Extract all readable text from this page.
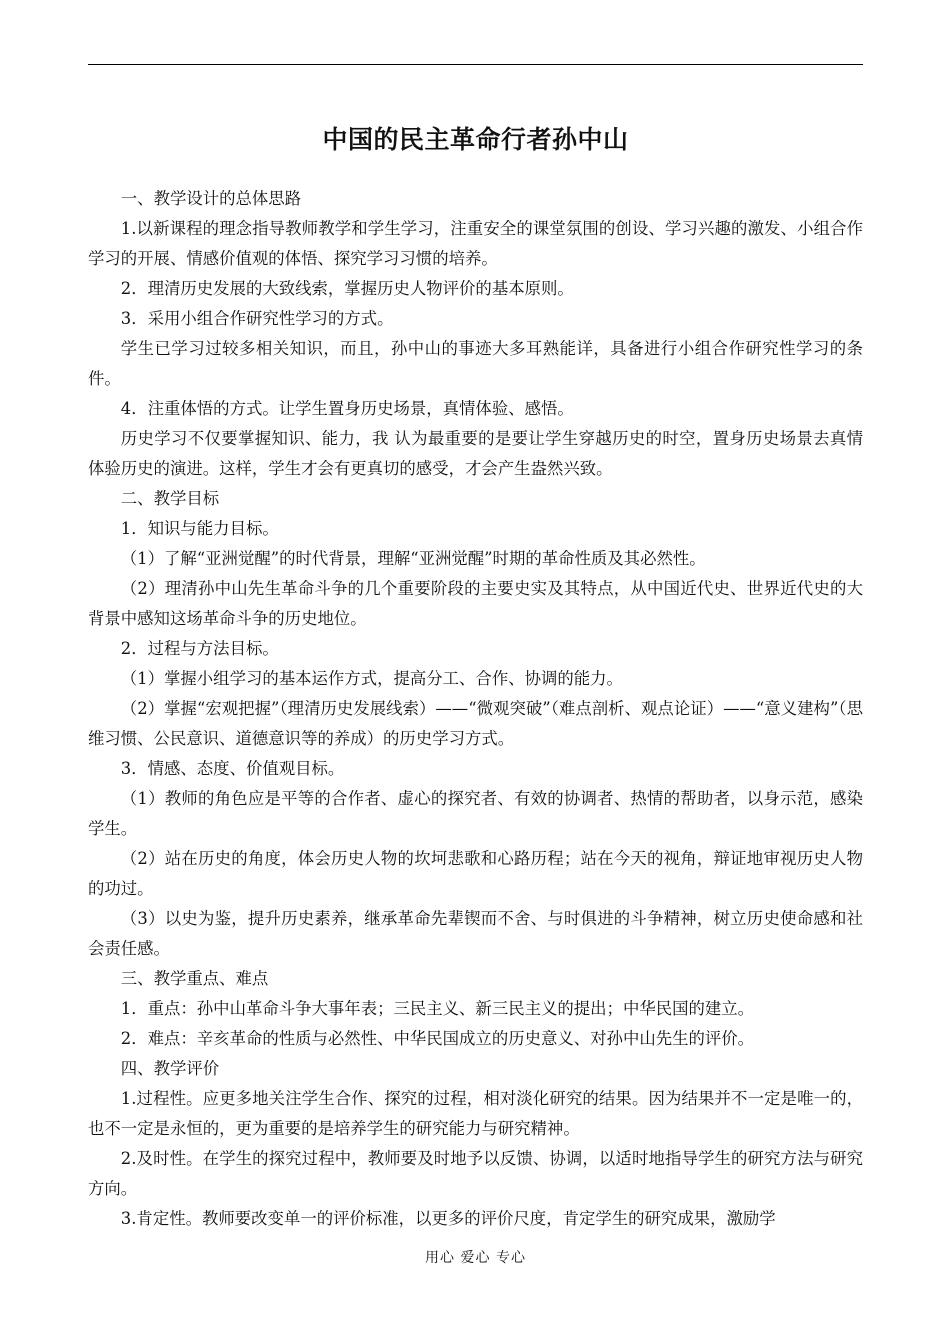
中国的民主革命行者孙中山

一、教学设计的总体思路

1.以新课程的理念指导教师教学和学生学习，注重安全的课堂氛围的创设、学习兴趣的激发、小组合作学习的开展、情感价值观的体悟、探究学习习惯的培养。

2．理清历史发展的大致线索，掌握历史人物评价的基本原则。

3．采用小组合作研究性学习的方式。

学生已学习过较多相关知识，而且，孙中山的事迹大多耳熟能详，具备进行小组合作研究性学习的条件。

4．注重体悟的方式。让学生置身历史场景，真情体验、感悟。

历史学习不仅要掌握知识、能力，我 认为最重要的是要让学生穿越历史的时空，置身历史场景去真情体验历史的演进。这样，学生才会有更真切的感受，才会产生盎然兴致。

二、教学目标

1．知识与能力目标。

（1）了解“亚洲觉醒”的时代背景，理解“亚洲觉醒”时期的革命性质及其必然性。

（2）理清孙中山先生革命斗争的几个重要阶段的主要史实及其特点，从中国近代史、世界近代史的大背景中感知这场革命斗争的历史地位。

2．过程与方法目标。

（1）掌握小组学习的基本运作方式，提高分工、合作、协调的能力。

（2）掌握“宏观把握”（理清历史发展线索）——“微观突破”（难点剖析、观点论证）——“意义建构”（思维习惯、公民意识、道德意识等的养成）的历史学习方式。

3．情感、态度、价值观目标。

（1）教师的角色应是平等的合作者、虚心的探究者、有效的协调者、热情的帮助者，以身示范，感染学生。

（2）站在历史的角度，体会历史人物的坎坷悲歌和心路历程；站在今天的视角，辩证地审视历史人物的功过。

（3）以史为鉴，提升历史素养，继承革命先辈锲而不舍、与时俱进的斗争精神，树立历史使命感和社会责任感。

三、教学重点、难点

1．重点：孙中山革命斗争大事年表；三民主义、新三民主义的提出；中华民国的建立。

2．难点：辛亥革命的性质与必然性、中华民国成立的历史意义、对孙中山先生的评价。

四、教学评价

1.过程性。应更多地关注学生合作、探究的过程，相对淡化研究的结果。因为结果并不一定是唯一的，也不一定是永恒的，更为重要的是培养学生的研究能力与研究精神。

2.及时性。在学生的探究过程中，教师要及时地予以反馈、协调，以适时地指导学生的研究方法与研究方向。

3.肯定性。教师要改变单一的评价标准，以更多的评价尺度，肯定学生的研究成果，激励学

用心 爱心 专心
